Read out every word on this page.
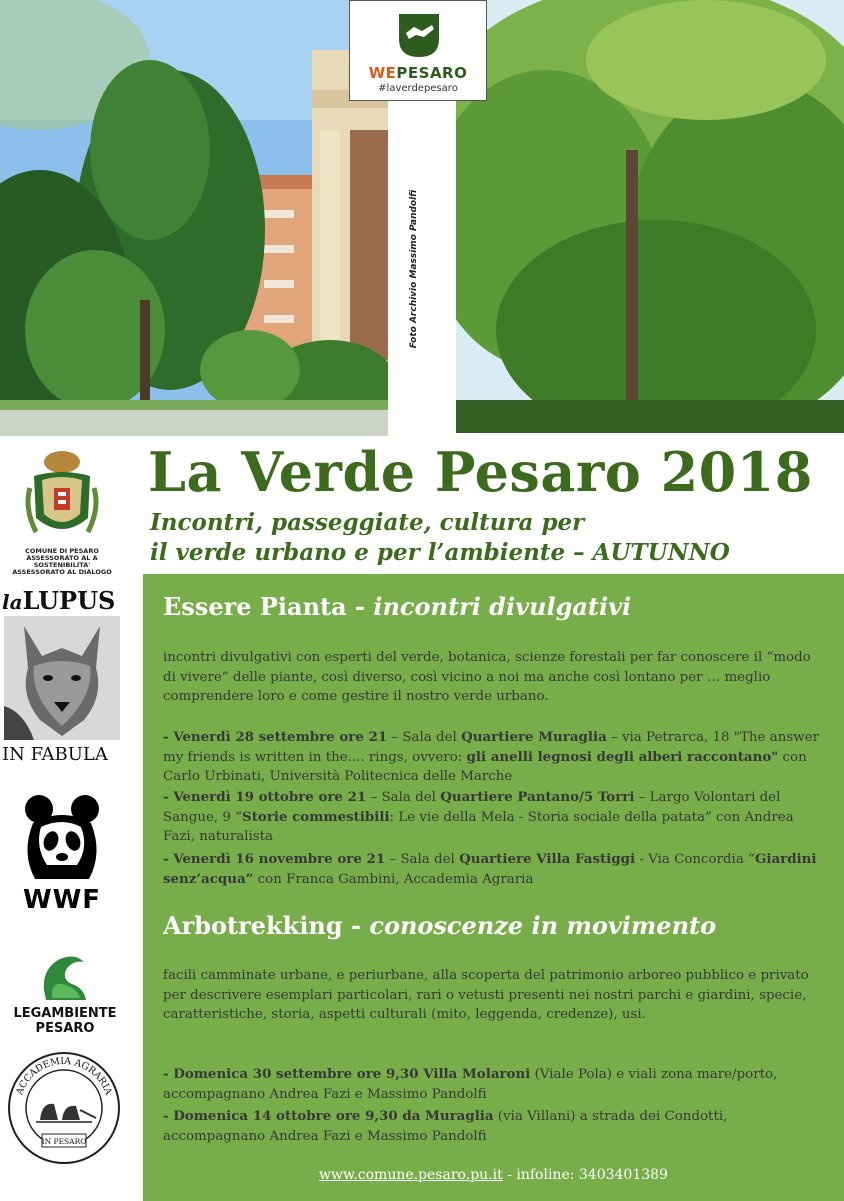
Foto Archivio Massimo Pandolfi
WEPESARO
#laverdepesaro
La Verde Pesaro 2018
Incontri, passeggiate, cultura per
il verde urbano e per l’ambiente – AUTUNNO
COMUNE DI PESARO
ASSESSORATO AL A SOSTENIBILITA'
ASSESSORATO AL DIALOGO
laLUPUS
IN FABULA
WWF
LEGAMBIENTE
PESARO
ACCADEMIA AGRARIA
IN PESARO
Essere Pianta - incontri divulgativi
incontri divulgativi con esperti del verde, botanica, scienze forestali per far conoscere il “modo di vivere” delle piante, così diverso, così vicino a noi ma anche così lontano per … meglio comprendere loro e come gestire il nostro verde urbano.
- Venerdì 28 settembre ore 21 – Sala del Quartiere Muraglia – via Petrarca, 18 "The answer my friends is written in the.... rings, ovvero: gli anelli legnosi degli alberi raccontano" con Carlo Urbinati, Università Politecnica delle Marche
- Venerdì 19 ottobre ore 21 – Sala del Quartiere Pantano/5 Torri – Largo Volontari del Sangue, 9 “Storie commestibili: Le vie della Mela - Storia sociale della patata” con Andrea Fazi, naturalista
- Venerdì 16 novembre ore 21 – Sala del Quartiere Villa Fastiggi - Via Concordia “Giardini senz’acqua” con Franca Gambini, Accademia Agraria
Arbotrekking - conoscenze in movimento
facili camminate urbane, e periurbane, alla scoperta del patrimonio arboreo pubblico e privato per descrivere esemplari particolari, rari o vetusti presenti nei nostri parchi e giardini, specie, caratteristiche, storia, aspetti culturali (mito, leggenda, credenze), usi.
- Domenica 30 settembre ore 9,30 Villa Molaroni (Viale Pola) e viali zona mare/porto, accompagnano Andrea Fazi e Massimo Pandolfi
- Domenica 14 ottobre ore 9,30 da Muraglia (via Villani) a strada dei Condotti, accompagnano Andrea Fazi e Massimo Pandolfi
www.comune.pesaro.pu.it - infoline: 3403401389
